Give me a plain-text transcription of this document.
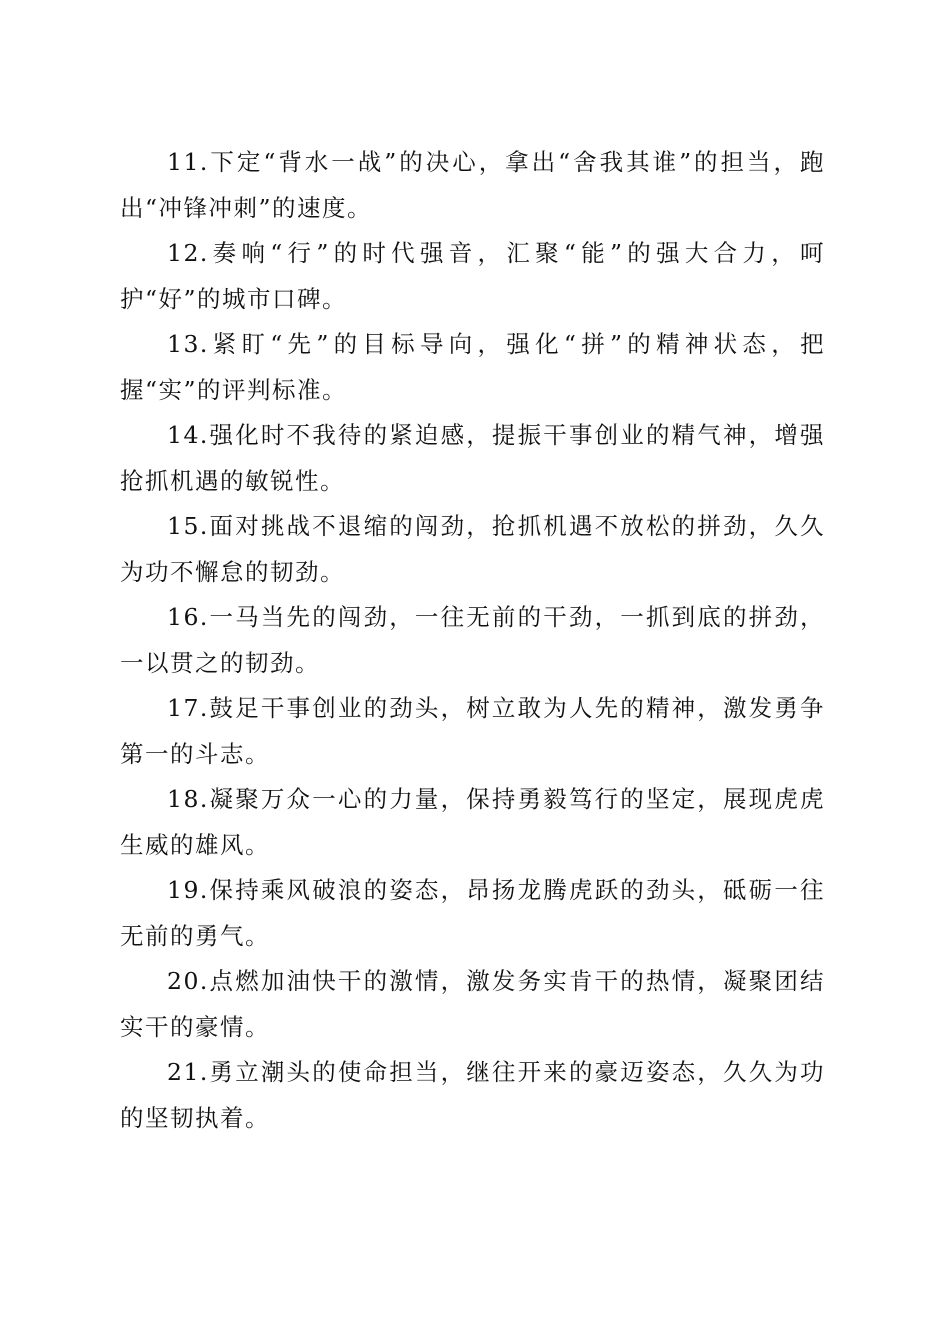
11.下定“背水一战”的决心，拿出“舍我其谁”的担当，跑出“冲锋冲刺”的速度。

12.奏响“行”的时代强音，汇聚“能”的强大合力，呵护“好”的城市口碑。

13.紧盯“先”的目标导向，强化“拼”的精神状态，把握“实”的评判标准。

14.强化时不我待的紧迫感，提振干事创业的精气神，增强抢抓机遇的敏锐性。

15.面对挑战不退缩的闯劲，抢抓机遇不放松的拼劲，久久为功不懈怠的韧劲。

16.一马当先的闯劲，一往无前的干劲，一抓到底的拼劲，一以贯之的韧劲。

17.鼓足干事创业的劲头，树立敢为人先的精神，激发勇争第一的斗志。

18.凝聚万众一心的力量，保持勇毅笃行的坚定，展现虎虎生威的雄风。

19.保持乘风破浪的姿态，昂扬龙腾虎跃的劲头，砥砺一往无前的勇气。

20.点燃加油快干的激情，激发务实肯干的热情，凝聚团结实干的豪情。

21.勇立潮头的使命担当，继往开来的豪迈姿态，久久为功的坚韧执着。
